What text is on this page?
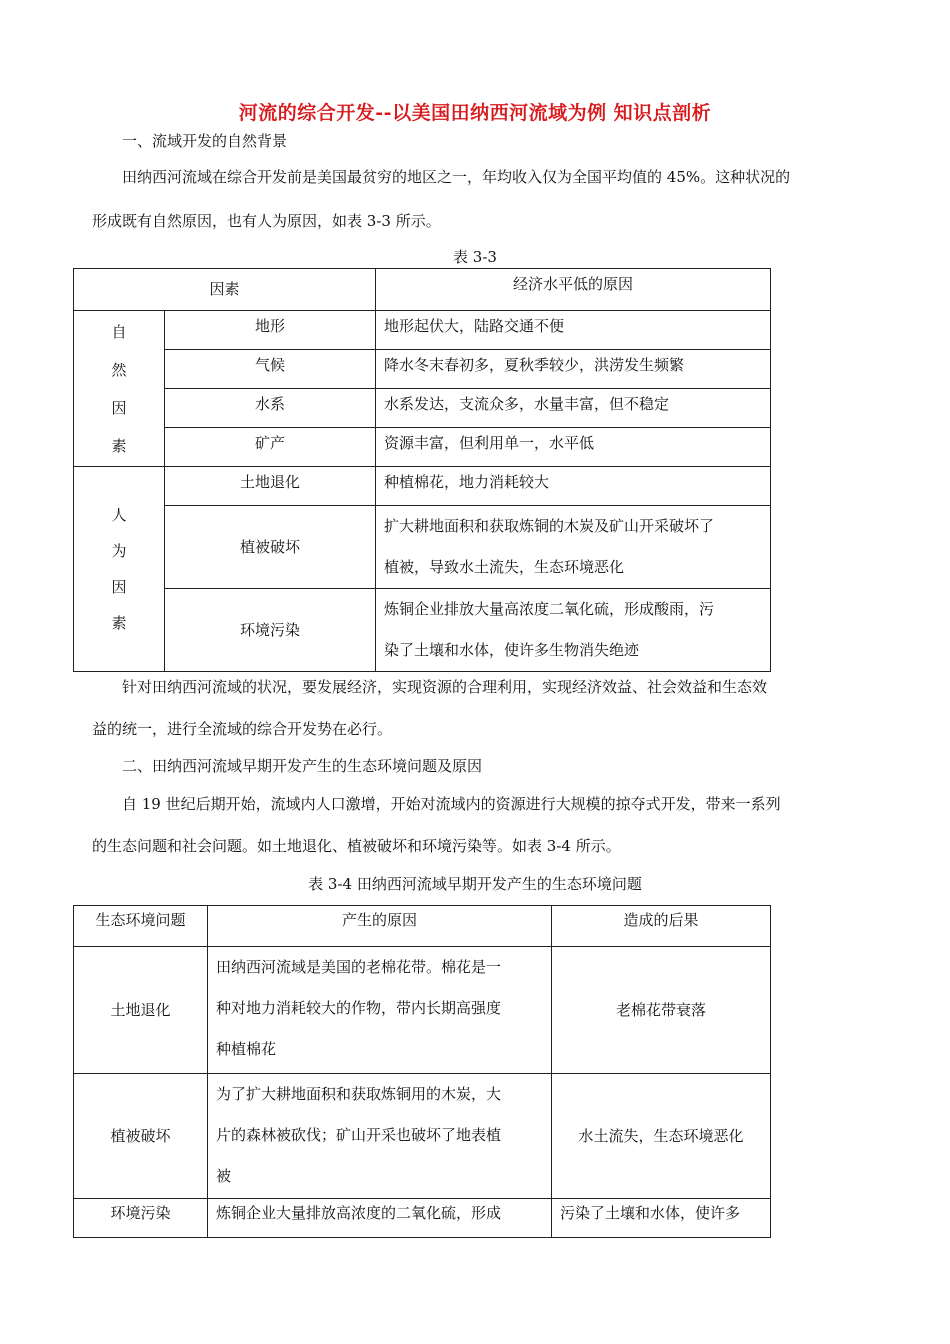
河流的综合开发--以美国田纳西河流域为例 知识点剖析
一、流域开发的自然背景
田纳西河流域在综合开发前是美国最贫穷的地区之一，年均收入仅为全国平均值的 45%。这种状况的
形成既有自然原因，也有人为原因，如表 3-3 所示。
表 3-3
因素		经济水平低的原因

自
然
因
素	地形	地形起伏大，陆路交通不便
	气候	降水冬末春初多，夏秋季较少，洪涝发生频繁
	水系	水系发达，支流众多，水量丰富，但不稳定
	矿产	资源丰富，但利用单一，水平低

人
为
因
素	土地退化	种植棉花，地力消耗较大
	植被破坏	扩大耕地面积和获取炼铜的木炭及矿山开采破坏了
植被，导致水土流失，生态环境恶化

	环境污染	炼铜企业排放大量高浓度二氧化硫，形成酸雨，污
染了土壤和水体，使许多生物消失绝迹
针对田纳西河流域的状况，要发展经济，实现资源的合理利用，实现经济效益、社会效益和生态效
益的统一，进行全流域的综合开发势在必行。
二、田纳西河流域早期开发产生的生态环境问题及原因
自 19 世纪后期开始，流域内人口激增，开始对流域内的资源进行大规模的掠夺式开发，带来一系列
的生态问题和社会问题。如土地退化、植被破坏和环境污染等。如表 3-4 所示。
表 3-4 田纳西河流域早期开发产生的生态环境问题
生态环境问题	产生的原因	造成的后果
土地退化	田纳西河流域是美国的老棉花带。棉花是一
种对地力消耗较大的作物，带内长期高强度
种植棉花	老棉花带衰落
植被破坏	为了扩大耕地面积和获取炼铜用的木炭，大
片的森林被砍伐；矿山开采也破坏了地表植
被	水土流失，生态环境恶化
环境污染	炼铜企业大量排放高浓度的二氧化硫，形成	污染了土壤和水体，使许多
